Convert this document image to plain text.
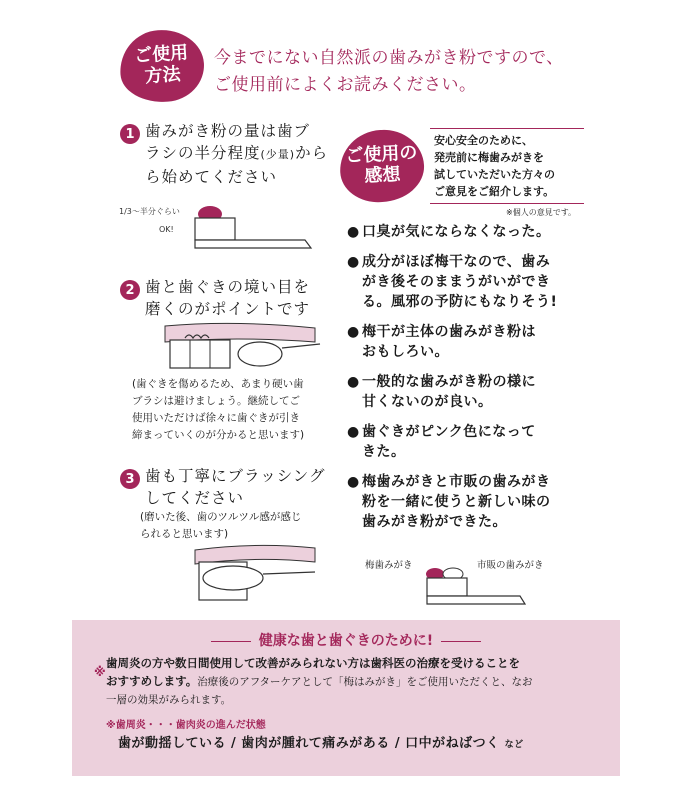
ご使用
方法
今までにない自然派の歯みがき粉ですので、
ご使用前によくお読みください。
1 歯みがき粉の量は歯ブ
ラシの半分程度(少量)から
ら始めてください
1/3〜半分ぐらい
OK!
2 歯と歯ぐきの境い目を
磨くのがポイントです
(歯ぐきを傷めるため、あまり硬い歯
ブラシは避けましょう。継続してご
使用いただけば徐々に歯ぐきが引き
締まっていくのが分かると思います)
3 歯も丁寧にブラッシング
してください
(磨いた後、歯のツルツル感が感じ
られると思います)
ご使用の
感想
安心安全のために、
発売前に梅歯みがきを
試していただいた方々の
ご意見をご紹介します。
※個人の意見です。
● 口臭が気にならなくなった。
● 成分がほぼ梅干なので、歯み
がき後そのままうがいができ
る。風邪の予防にもなりそう!
● 梅干が主体の歯みがき粉は
おもしろい。
● 一般的な歯みがき粉の様に
甘くないのが良い。
● 歯ぐきがピンク色になって
きた。
● 梅歯みがきと市販の歯みがき
粉を一緒に使うと新しい味の
歯みがき粉ができた。
梅歯みがき	市販の歯みがき
健康な歯と歯ぐきのために!
※
歯周炎の方や数日間使用して改善がみられない方は歯科医の治療を受けることを
おすすめします。治療後のアフターケアとして「梅はみがき」をご使用いただくと、なお
一層の効果がみられます。
※歯周炎・・・歯肉炎の進んだ状態
歯が動揺している / 歯肉が腫れて痛みがある / 口中がねばつく など
